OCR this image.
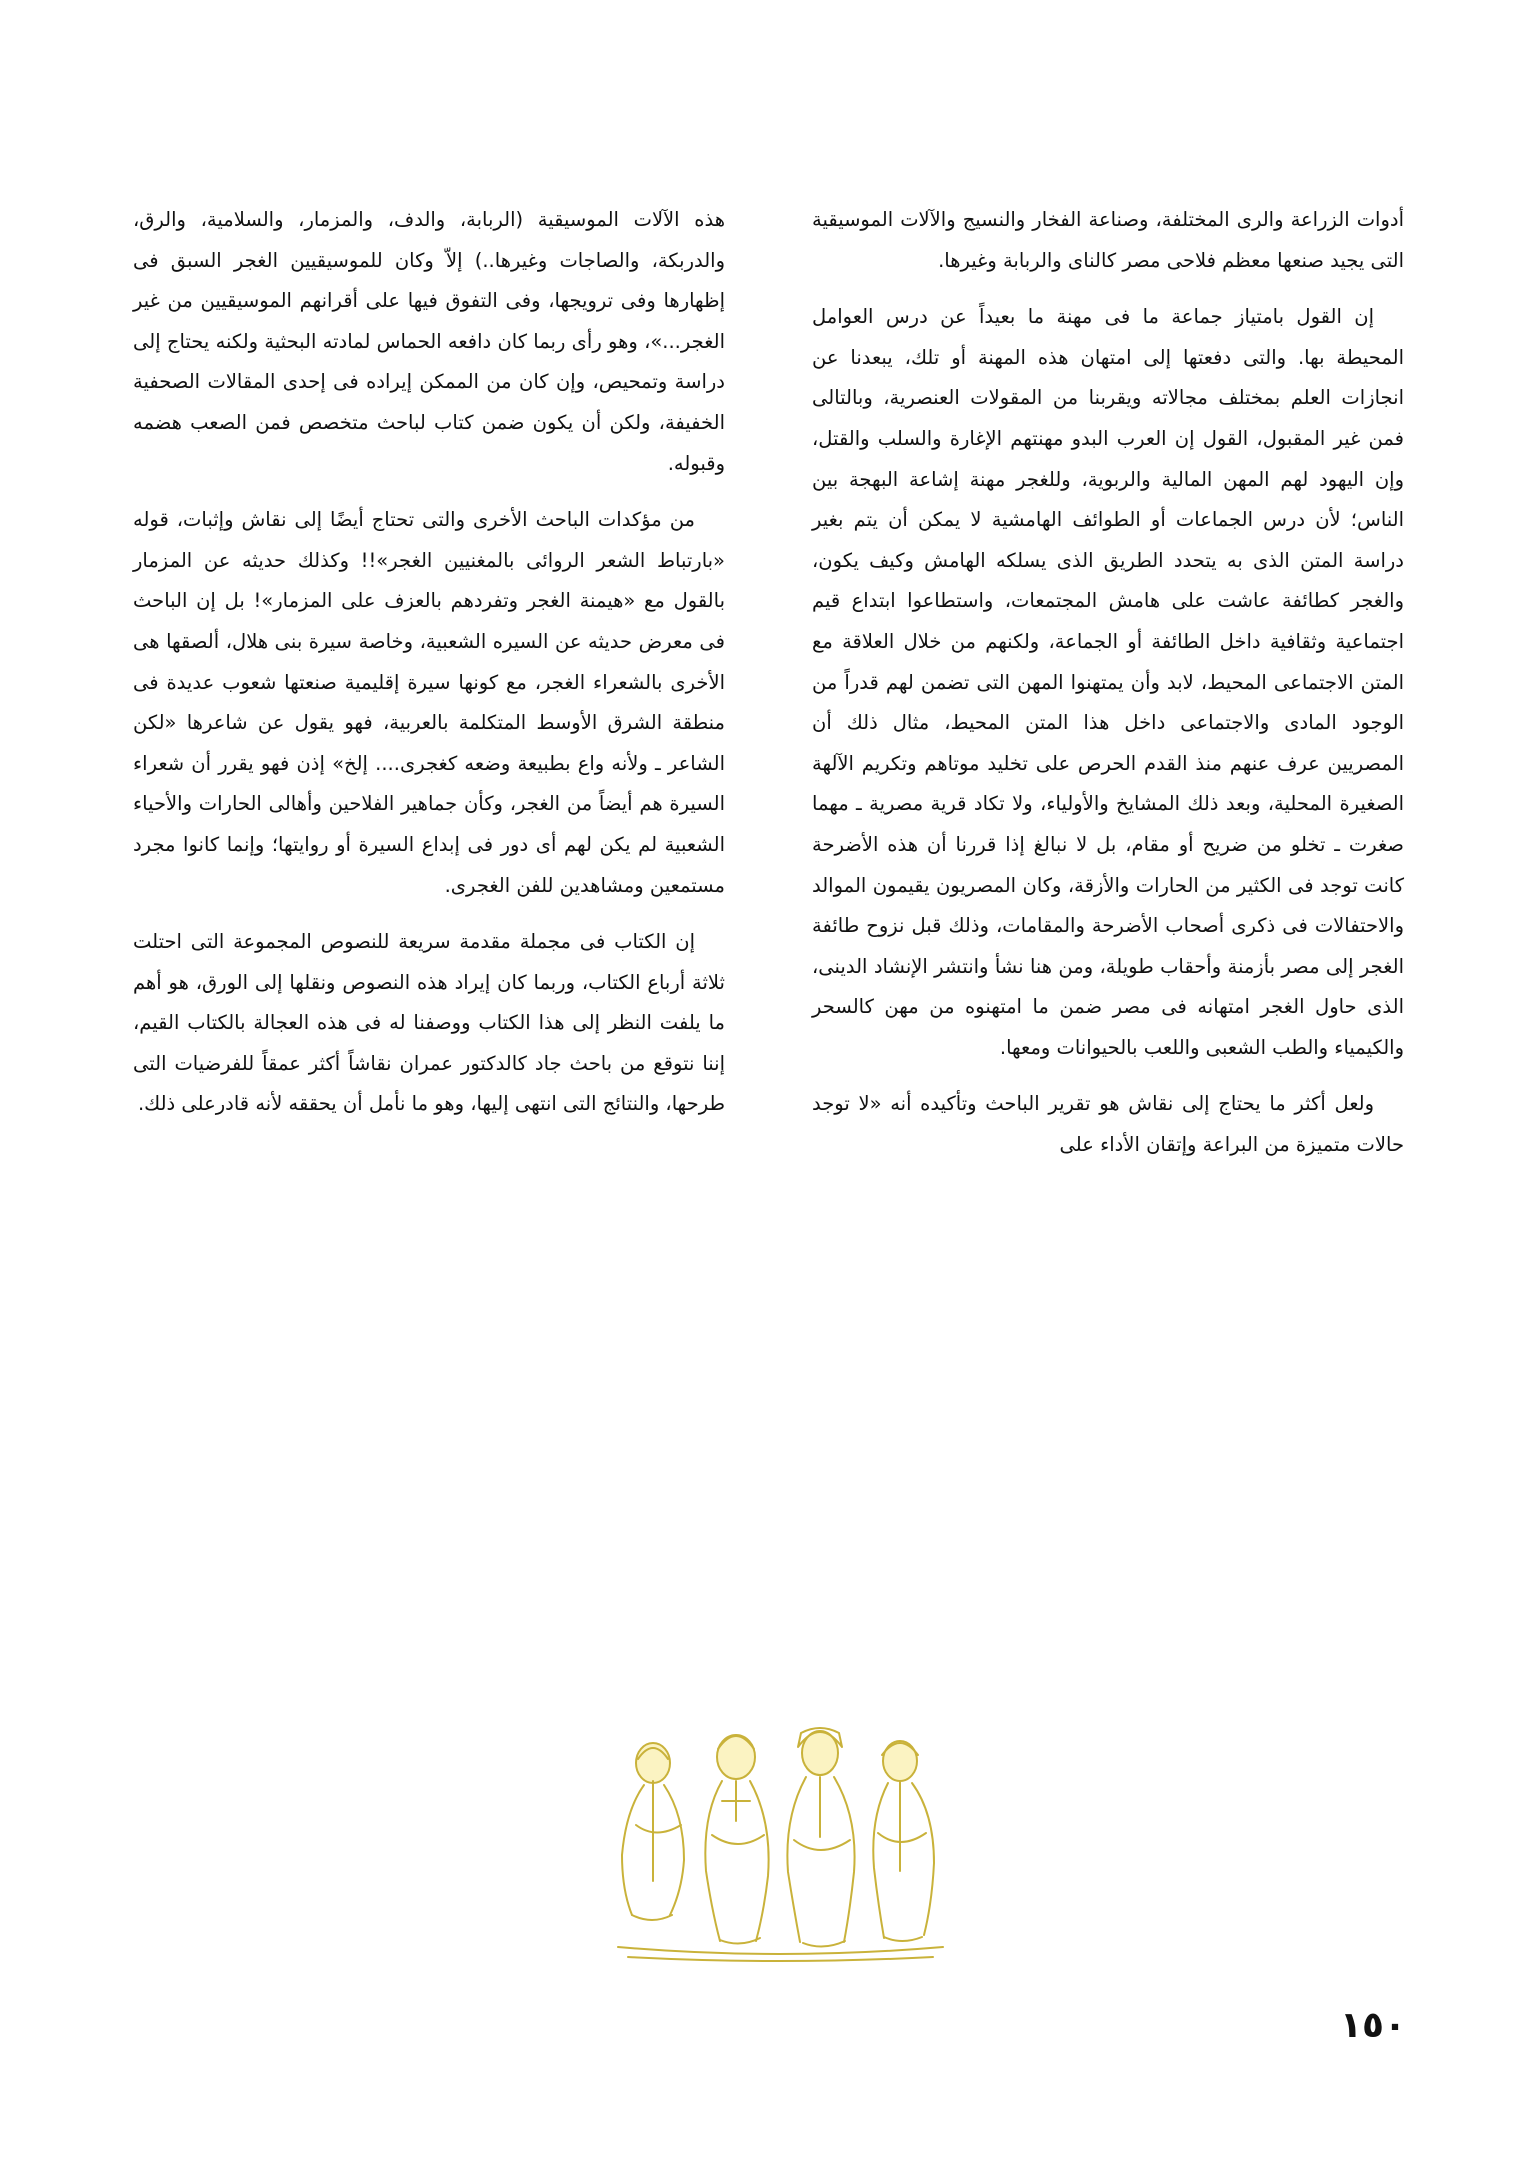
أدوات الزراعة والرى المختلفة، وصناعة الفخار والنسيج والآلات الموسيقية التى يجيد صنعها معظم فلاحى مصر كالناى والربابة وغيرها.

إن القول بامتياز جماعة ما فى مهنة ما بعيداً عن درس العوامل المحيطة بها. والتى دفعتها إلى امتهان هذه المهنة أو تلك، يبعدنا عن انجازات العلم بمختلف مجالاته ويقربنا من المقولات العنصرية، وبالتالى فمن غير المقبول، القول إن العرب البدو مهنتهم الإغارة والسلب والقتل، وإن اليهود لهم المهن المالية والربوية، وللغجر مهنة إشاعة البهجة بين الناس؛ لأن درس الجماعات أو الطوائف الهامشية لا يمكن أن يتم بغير دراسة المتن الذى به يتحدد الطريق الذى يسلكه الهامش وكيف يكون، والغجر كطائفة عاشت على هامش المجتمعات، واستطاعوا ابتداع قيم اجتماعية وثقافية داخل الطائفة أو الجماعة، ولكنهم من خلال العلاقة مع المتن الاجتماعى المحيط، لابد وأن يمتهنوا المهن التى تضمن لهم قدراً من الوجود المادى والاجتماعى داخل هذا المتن المحيط، مثال ذلك أن المصريين عرف عنهم منذ القدم الحرص على تخليد موتاهم وتكريم الآلهة الصغيرة المحلية، وبعد ذلك المشايخ والأولياء، ولا تكاد قرية مصرية ـ مهما صغرت ـ تخلو من ضريح أو مقام، بل لا نبالغ إذا قررنا أن هذه الأضرحة كانت توجد فى الكثير من الحارات والأزقة، وكان المصريون يقيمون الموالد والاحتفالات فى ذكرى أصحاب الأضرحة والمقامات، وذلك قبل نزوح طائفة الغجر إلى مصر بأزمنة وأحقاب طويلة، ومن هنا نشأ وانتشر الإنشاد الدينى، الذى حاول الغجر امتهانه فى مصر ضمن ما امتهنوه من مهن كالسحر والكيمياء والطب الشعبى واللعب بالحيوانات ومعها.

ولعل أكثر ما يحتاج إلى نقاش هو تقرير الباحث وتأكيده أنه «لا توجد حالات متميزة من البراعة وإتقان الأداء على

هذه الآلات الموسيقية (الربابة، والدف، والمزمار، والسلامية، والرق، والدربكة، والصاجات وغيرها..) إلاّ وكان للموسيقيين الغجر السبق فى إظهارها وفى ترويجها، وفى التفوق فيها على أقرانهم الموسيقيين من غير الغجر...»، وهو رأى ربما كان دافعه الحماس لمادته البحثية ولكنه يحتاج إلى دراسة وتمحيص، وإن كان من الممكن إيراده فى إحدى المقالات الصحفية الخفيفة، ولكن أن يكون ضمن كتاب لباحث متخصص فمن الصعب هضمه وقبوله.

من مؤكدات الباحث الأخرى والتى تحتاج أيضًا إلى نقاش وإثبات، قوله «بارتباط الشعر الروائى بالمغنيين الغجر»!! وكذلك حديثه عن المزمار بالقول مع «هيمنة الغجر وتفردهم بالعزف على المزمار»! بل إن الباحث فى معرض حديثه عن السيره الشعبية، وخاصة سيرة بنى هلال، ألصقها هى الأخرى بالشعراء الغجر، مع كونها سيرة إقليمية صنعتها شعوب عديدة فى منطقة الشرق الأوسط المتكلمة بالعربية، فهو يقول عن شاعرها «لكن الشاعر ـ ولأنه واع بطبيعة وضعه كغجرى.... إلخ» إذن فهو يقرر أن شعراء السيرة هم أيضاً من الغجر، وكأن جماهير الفلاحين وأهالى الحارات والأحياء الشعبية لم يكن لهم أى دور فى إبداع السيرة أو روايتها؛ وإنما كانوا مجرد مستمعين ومشاهدين للفن الغجرى.

إن الكتاب فى مجملة مقدمة سريعة للنصوص المجموعة التى احتلت ثلاثة أرباع الكتاب، وربما كان إيراد هذه النصوص ونقلها إلى الورق، هو أهم ما يلفت النظر إلى هذا الكتاب ووصفنا له فى هذه العجالة بالكتاب القيم، إننا نتوقع من باحث جاد كالدكتور عمران نقاشاً أكثر عمقاً للفرضيات التى طرحها، والنتائج التى انتهى إليها، وهو ما نأمل أن يحققه لأنه قادرعلى ذلك.

١٥٠
